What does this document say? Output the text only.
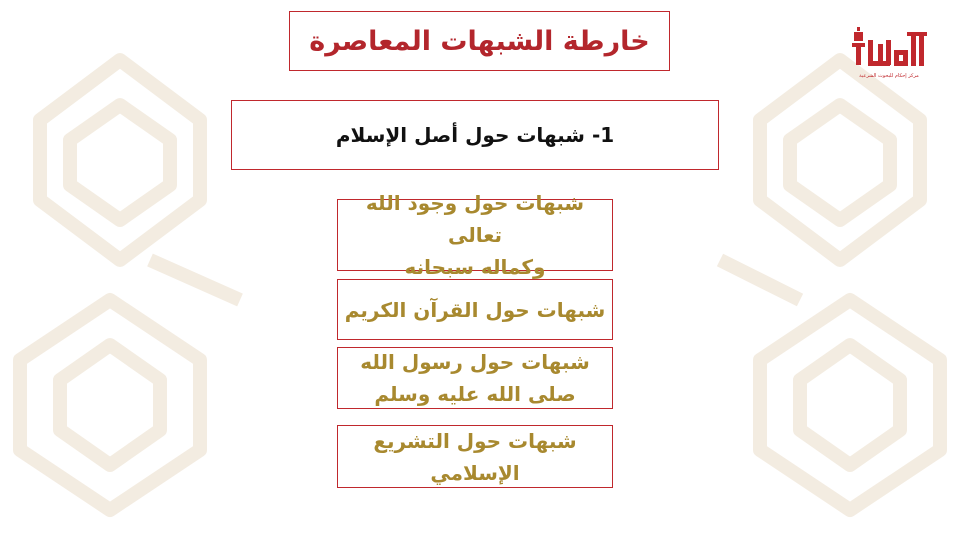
خارطة الشبهات المعاصرة
1- شبهات حول أصل الإسلام
شبهات حول وجود الله تعالى
وكماله سبحانه
شبهات حول القرآن الكريم
شبهات حول رسول الله
صلى الله عليه وسلم
شبهات حول التشريع
الإسلامي
مركز إحكام للبحوث الشرعية
